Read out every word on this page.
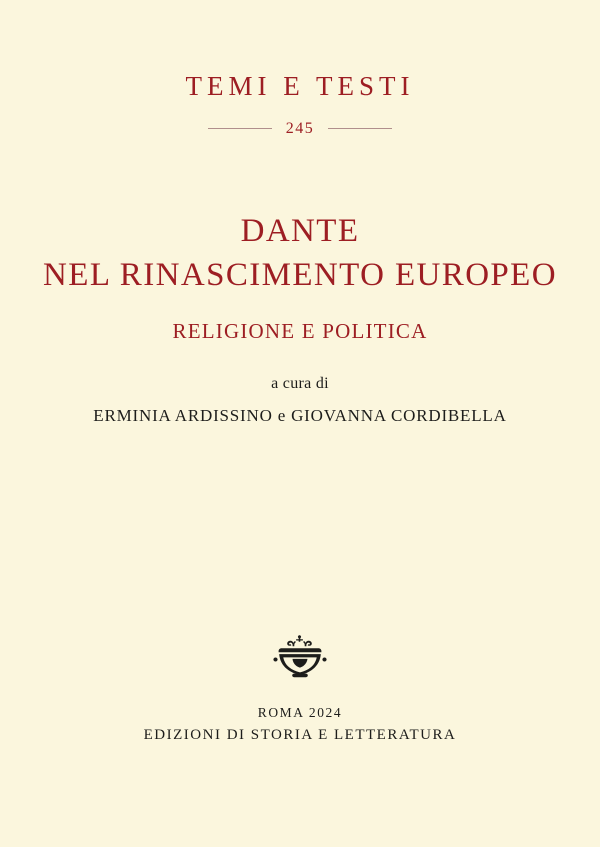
TEMI E TESTI
245
DANTE
NEL RINASCIMENTO EUROPEO
RELIGIONE E POLITICA
a cura di
ERMINIA ARDISSINO e GIOVANNA CORDIBELLA
ROMA 2024
EDIZIONI DI STORIA E LETTERATURA
